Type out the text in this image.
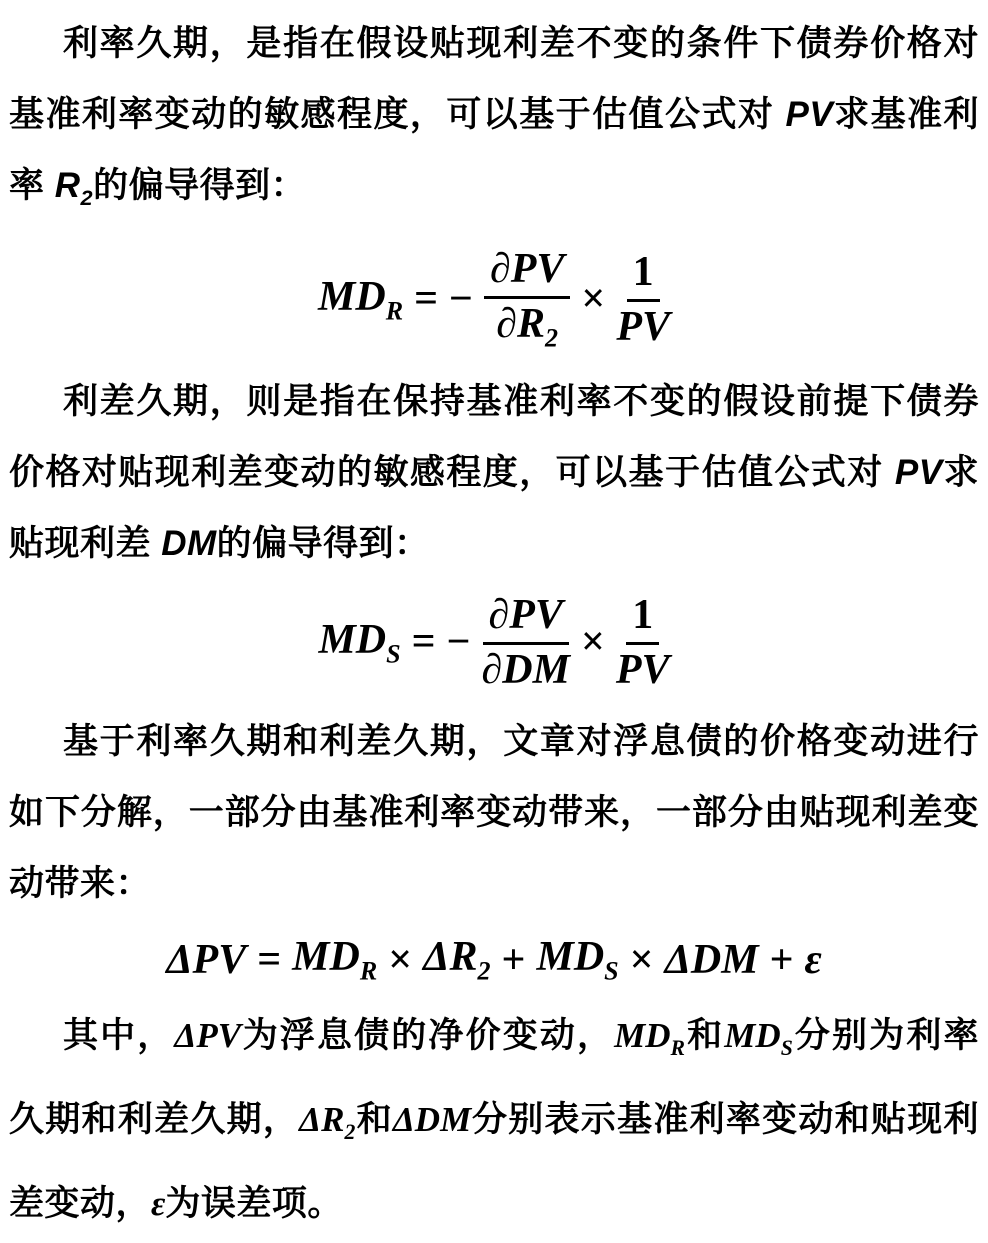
利率久期，是指在假设贴现利差不变的条件下债券价格对基准利率变动的敏感程度，可以基于估值公式对 PV求基准利率 $R_2$的偏导得到：

$MD_R$ = − $\frac{\partial PV}{\partial R_2} \times \frac{1}{PV}$

利差久期，则是指在保持基准利率不变的假设前提下债券价格对贴现利差变动的敏感程度，可以基于估值公式对 PV求贴现利差 DM的偏导得到：

$MD_S$ = − $\frac{\partial PV}{\partial DM} \times \frac{1}{PV}$

基于利率久期和利差久期，文章对浮息债的价格变动进行如下分解，一部分由基准利率变动带来，一部分由贴现利差变动带来：

$\Delta PV = MD_R \times \Delta R_2 + MD_S \times \Delta DM + \varepsilon$

其中，ΔPV为浮息债的净价变动，$MD_R$和$MD_S$分别为利率久期和利差久期，$\Delta R_2$和ΔDM分别表示基准利率变动和贴现利差变动，ε为误差项。
